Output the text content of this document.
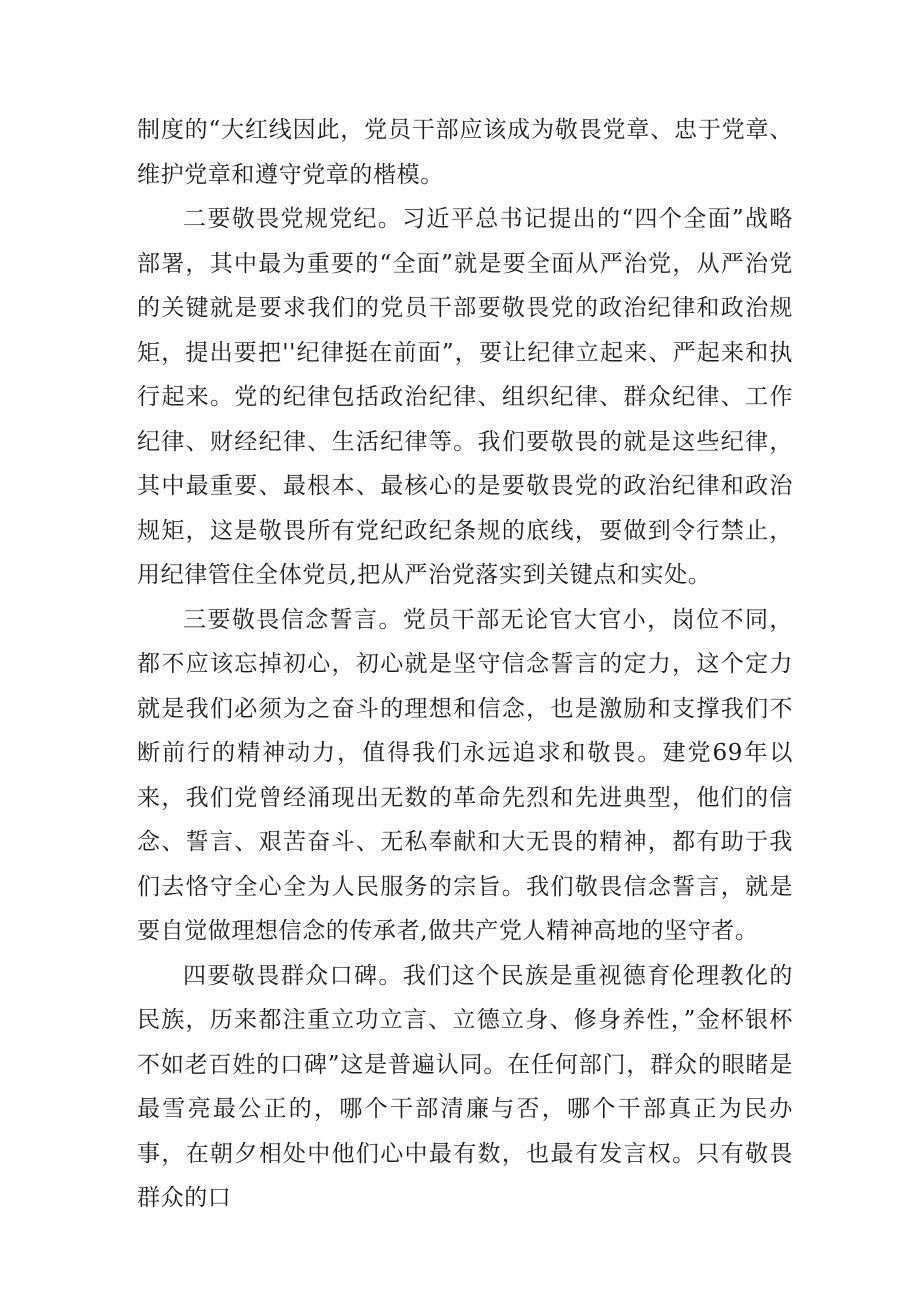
制度的“大红线因此，党员干部应该成为敬畏党章、忠于党章、维护党章和遵守党章的楷模。

二要敬畏党规党纪。习近平总书记提出的“四个全面”战略部署，其中最为重要的“全面”就是要全面从严治党，从严治党的关键就是要求我们的党员干部要敬畏党的政治纪律和政治规矩，提出要把''纪律挺在前面”，要让纪律立起来、严起来和执行起来。党的纪律包括政治纪律、组织纪律、群众纪律、工作纪律、财经纪律、生活纪律等。我们要敬畏的就是这些纪律，其中最重要、最根本、最核心的是要敬畏党的政治纪律和政治规矩，这是敬畏所有党纪政纪条规的底线，要做到令行禁止，用纪律管住全体党员,把从严治党落实到关键点和实处。

三要敬畏信念誓言。党员干部无论官大官小，岗位不同，都不应该忘掉初心，初心就是坚守信念誓言的定力，这个定力就是我们必须为之奋斗的理想和信念，也是激励和支撑我们不断前行的精神动力，值得我们永远追求和敬畏。建党69年以来，我们党曾经涌现出无数的革命先烈和先进典型，他们的信念、誓言、艰苦奋斗、无私奉献和大无畏的精神，都有助于我们去恪守全心全为人民服务的宗旨。我们敬畏信念誓言，就是要自觉做理想信念的传承者,做共产党人精神高地的坚守者。

四要敬畏群众口碑。我们这个民族是重视德育伦理教化的民族，历来都注重立功立言、立德立身、修身养性，”金杯银杯不如老百姓的口碑”这是普遍认同。在任何部门，群众的眼睹是最雪亮最公正的，哪个干部清廉与否，哪个干部真正为民办事，在朝夕相处中他们心中最有数，也最有发言权。只有敬畏群众的口
